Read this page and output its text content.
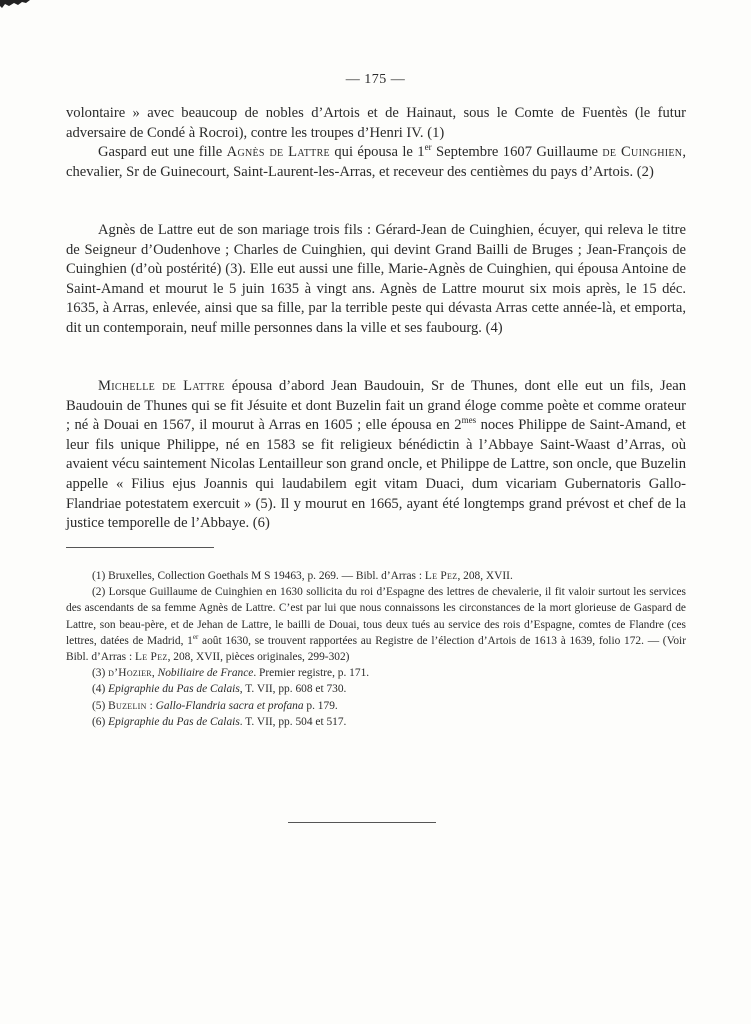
— 175 —

volontaire » avec beaucoup de nobles d’Artois et de Hainaut, sous le Comte de Fuentès (le futur adversaire de Condé à Rocroi), contre les troupes d’Henri IV. (1)

Gaspard eut une fille Agnès de Lattre qui épousa le 1er Septembre 1607 Guillaume de Cuinghien, chevalier, Sr de Guinecourt, Saint-Laurent-les-Arras, et receveur des centièmes du pays d’Artois. (2)

Agnès de Lattre eut de son mariage trois fils : Gérard-Jean de Cuinghien, écuyer, qui releva le titre de Seigneur d’Oudenhove ; Charles de Cuinghien, qui devint Grand Bailli de Bruges ; Jean-François de Cuinghien (d’où postérité) (3). Elle eut aussi une fille, Marie-Agnès de Cuinghien, qui épousa Antoine de Saint-Amand et mourut le 5 juin 1635 à vingt ans. Agnès de Lattre mourut six mois après, le 15 déc. 1635, à Arras, enlevée, ainsi que sa fille, par la terrible peste qui dévasta Arras cette année-là, et emporta, dit un contemporain, neuf mille personnes dans la ville et ses faubourg. (4)

Michelle de Lattre épousa d’abord Jean Baudouin, Sr de Thunes, dont elle eut un fils, Jean Baudouin de Thunes qui se fit Jésuite et dont Buzelin fait un grand éloge comme poète et comme orateur ; né à Douai en 1567, il mourut à Arras en 1605 ; elle épousa en $2^{mes}$ noces Philippe de Saint-Amand, et leur fils unique Philippe, né en 1583 se fit religieux bénédictin à l’Abbaye Saint-Waast d’Arras, où avaient vécu saintement Nicolas Lentailleur son grand oncle, et Philippe de Lattre, son oncle, que Buzelin appelle « Filius ejus Joannis qui laudabilem egit vitam Duaci, dum vicariam Gubernatoris Gallo-Flandriae potestatem exercuit » (5). Il y mourut en 1665, ayant été longtemps grand prévost et chef de la justice temporelle de l’Abbaye. (6)

(1) Bruxelles, Collection Goethals M S 19463, p. 269. — Bibl. d’Arras : Le Pez, 208, XVII.

(2) Lorsque Guillaume de Cuinghien en 1630 sollicita du roi d’Espagne des lettres de chevalerie, il fit valoir surtout les services des ascendants de sa femme Agnès de Lattre. C’est par lui que nous connaissons les circonstances de la mort glorieuse de Gaspard de Lattre, son beau-père, et de Jehan de Lattre, le bailli de Douai, tous deux tués au service des rois d’Espagne, comtes de Flandre (ces lettres, datées de Madrid, 1er août 1630, se trouvent rapportées au Registre de l’élection d’Artois de 1613 à 1639, folio 172. — (Voir Bibl. d’Arras : Le Pez, 208, XVII, pièces originales, 299-302)

(3) d’Hozier, Nobiliaire de France. Premier registre, p. 171.

(4) Epigraphie du Pas de Calais, T. VII, pp. 608 et 730.

(5) Buzelin : Gallo-Flandria sacra et profana p. 179.

(6) Epigraphie du Pas de Calais. T. VII, pp. 504 et 517.
